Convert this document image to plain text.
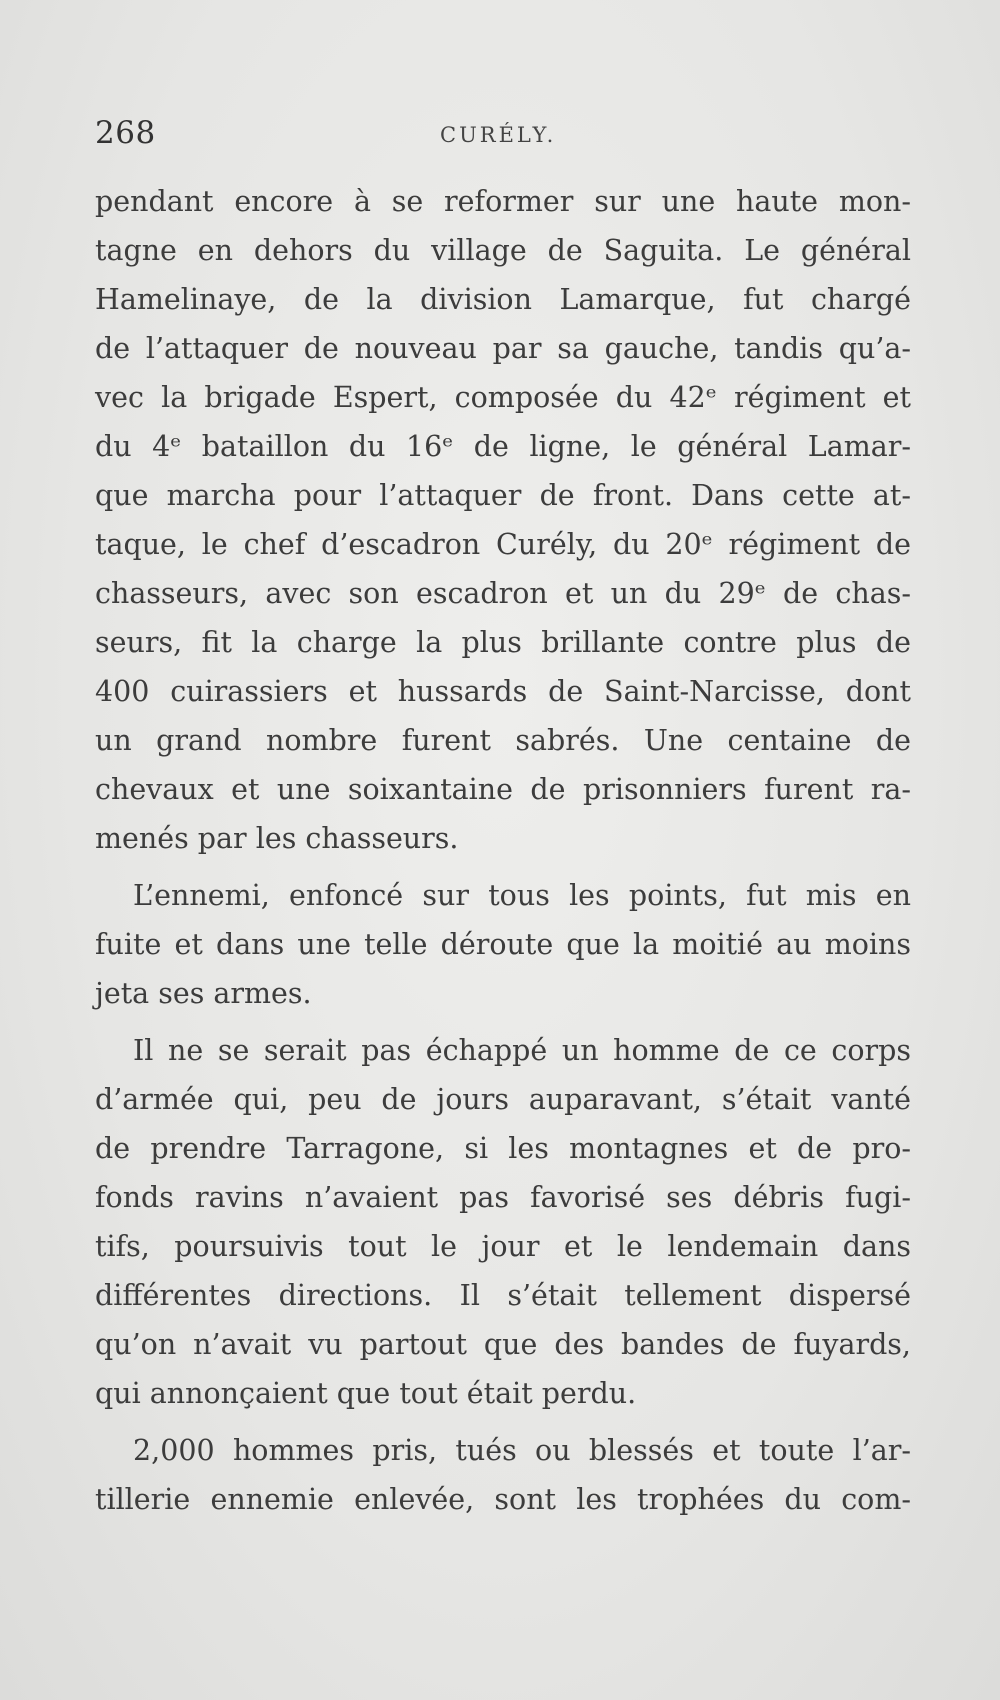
268	CURÉLY.
pendant encore à se reformer sur une haute mon-
tagne en dehors du village de Saguita. Le général
Hamelinaye, de la division Lamarque, fut chargé
de l’attaquer de nouveau par sa gauche, tandis qu’a-
vec la brigade Espert, composée du 42ᵉ régiment et
du 4ᵉ bataillon du 16ᵉ de ligne, le général Lamar-
que marcha pour l’attaquer de front. Dans cette at-
taque, le chef d’escadron Curély, du 20ᵉ régiment de
chasseurs, avec son escadron et un du 29ᵉ de chas-
seurs, fit la charge la plus brillante contre plus de
400 cuirassiers et hussards de Saint-Narcisse, dont
un grand nombre furent sabrés. Une centaine de
chevaux et une soixantaine de prisonniers furent ra-
menés par les chasseurs.
L’ennemi, enfoncé sur tous les points, fut mis en
fuite et dans une telle déroute que la moitié au moins
jeta ses armes.
Il ne se serait pas échappé un homme de ce corps
d’armée qui, peu de jours auparavant, s’était vanté
de prendre Tarragone, si les montagnes et de pro-
fonds ravins n’avaient pas favorisé ses débris fugi-
tifs, poursuivis tout le jour et le lendemain dans
différentes directions. Il s’était tellement dispersé
qu’on n’avait vu partout que des bandes de fuyards,
qui annonçaient que tout était perdu.
2,000 hommes pris, tués ou blessés et toute l’ar-
tillerie ennemie enlevée, sont les trophées du com-
